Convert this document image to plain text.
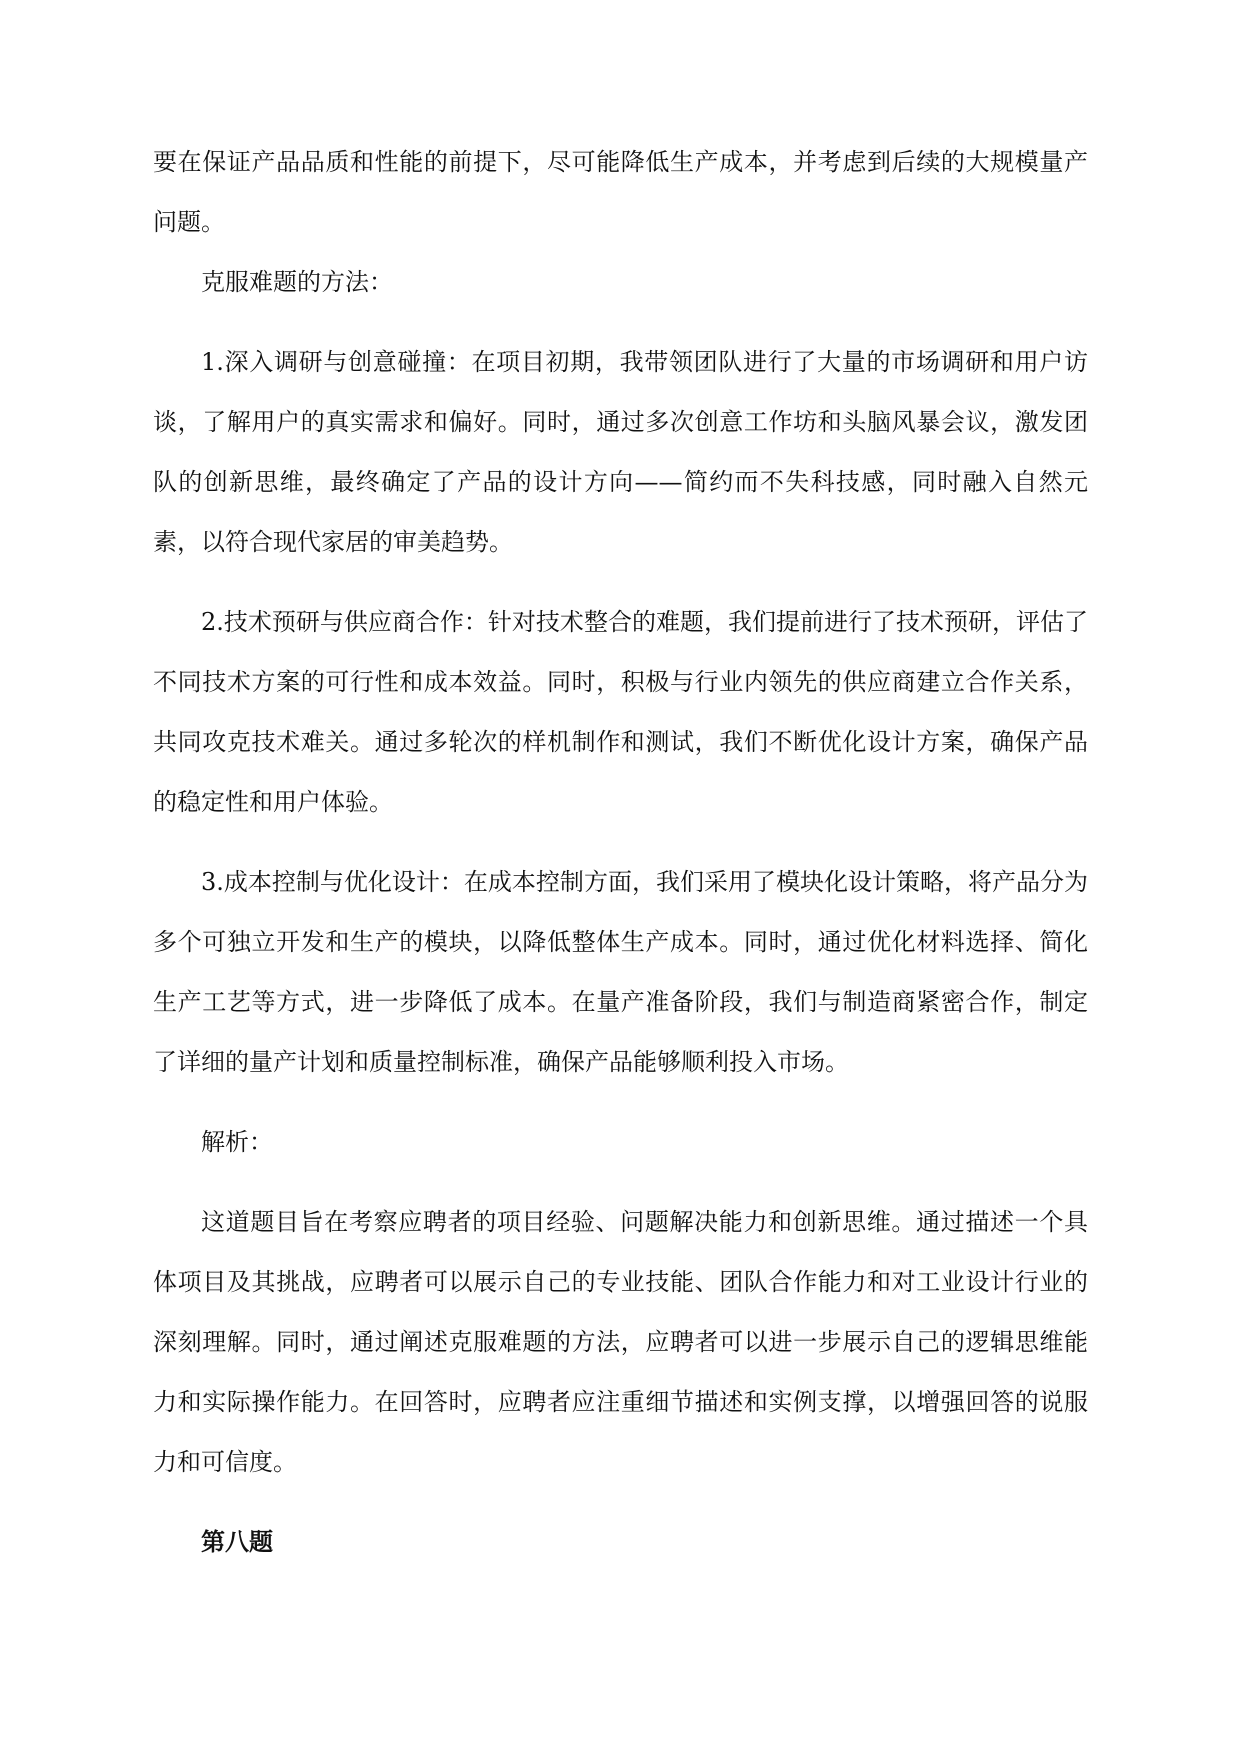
要在保证产品品质和性能的前提下，尽可能降低生产成本，并考虑到后续的大规模量产问题。

克服难题的方法：

1.深入调研与创意碰撞：在项目初期，我带领团队进行了大量的市场调研和用户访谈，了解用户的真实需求和偏好。同时，通过多次创意工作坊和头脑风暴会议，激发团队的创新思维，最终确定了产品的设计方向——简约而不失科技感，同时融入自然元素，以符合现代家居的审美趋势。

2.技术预研与供应商合作：针对技术整合的难题，我们提前进行了技术预研，评估了不同技术方案的可行性和成本效益。同时，积极与行业内领先的供应商建立合作关系，共同攻克技术难关。通过多轮次的样机制作和测试，我们不断优化设计方案，确保产品的稳定性和用户体验。

3.成本控制与优化设计：在成本控制方面，我们采用了模块化设计策略，将产品分为多个可独立开发和生产的模块，以降低整体生产成本。同时，通过优化材料选择、简化生产工艺等方式，进一步降低了成本。在量产准备阶段，我们与制造商紧密合作，制定了详细的量产计划和质量控制标准，确保产品能够顺利投入市场。

解析：

这道题目旨在考察应聘者的项目经验、问题解决能力和创新思维。通过描述一个具体项目及其挑战，应聘者可以展示自己的专业技能、团队合作能力和对工业设计行业的深刻理解。同时，通过阐述克服难题的方法，应聘者可以进一步展示自己的逻辑思维能力和实际操作能力。在回答时，应聘者应注重细节描述和实例支撑，以增强回答的说服力和可信度。

第八题
